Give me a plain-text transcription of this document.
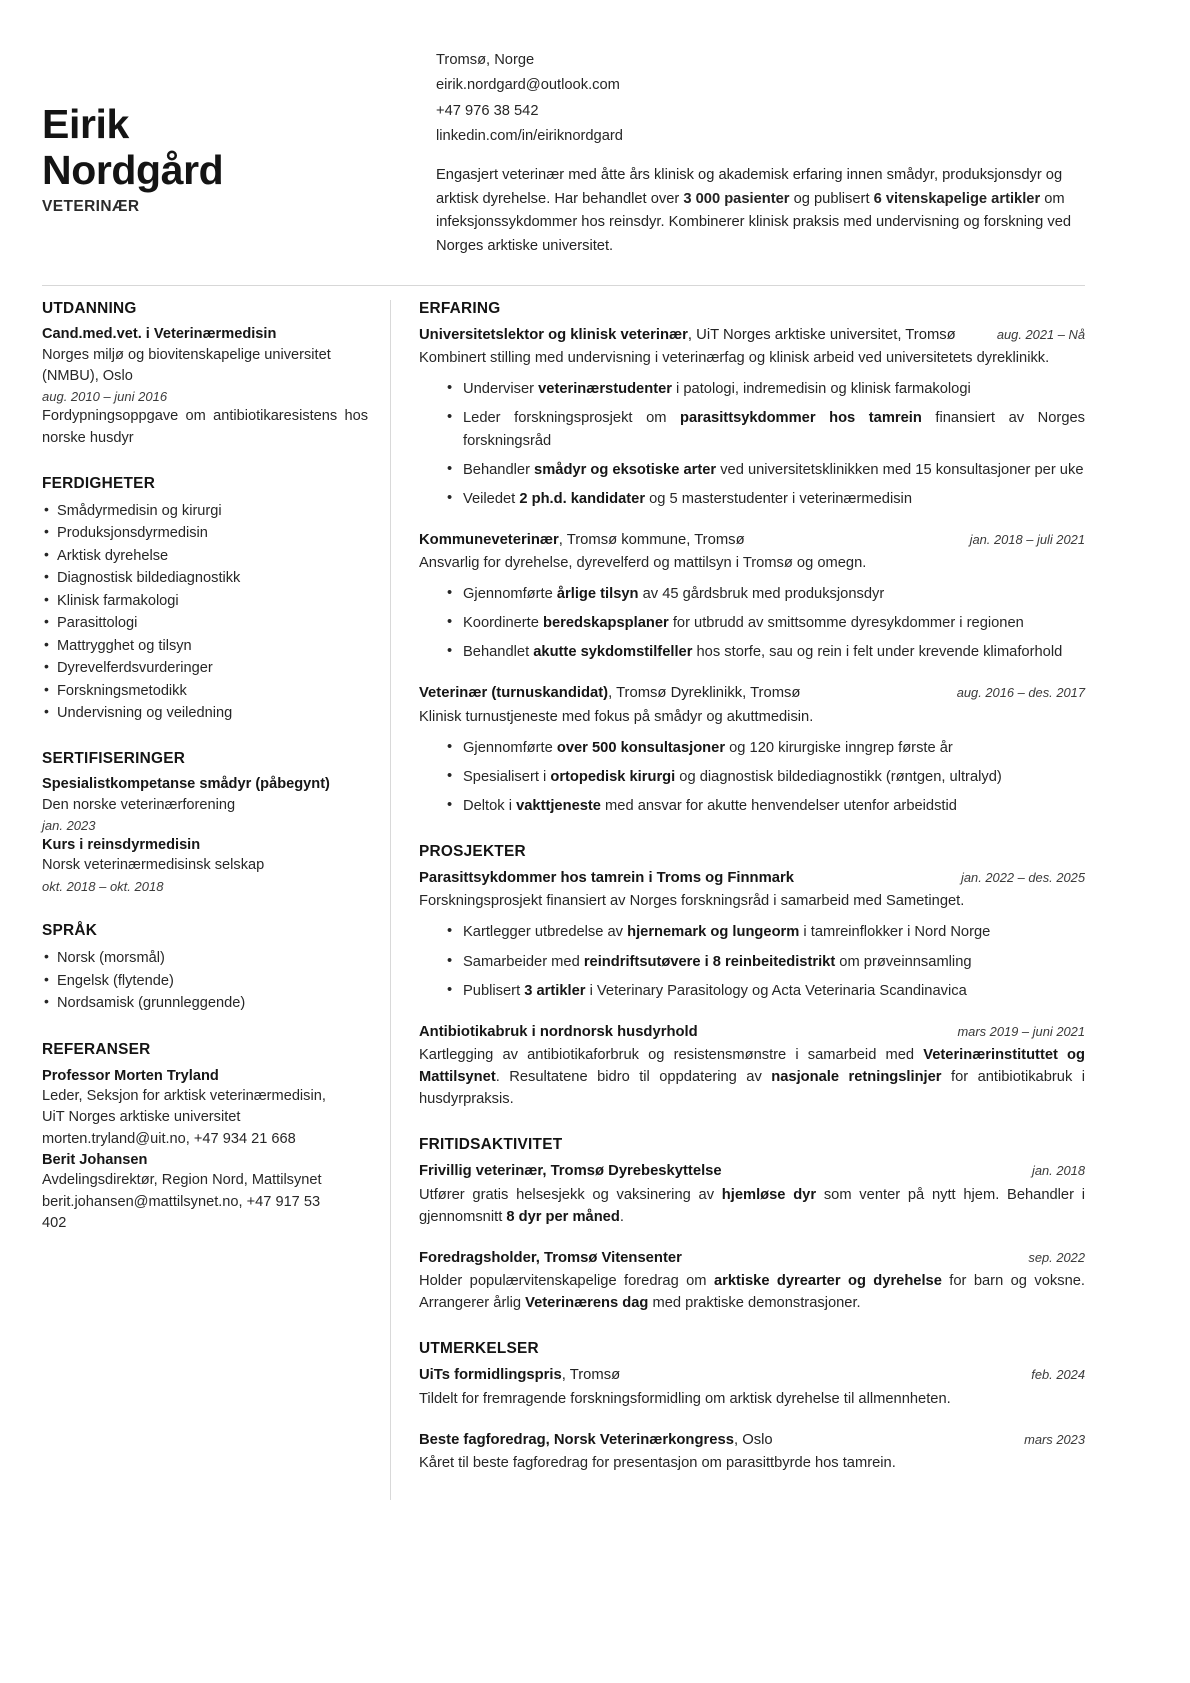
Eirik
Nordgård
VETERINÆR
Tromsø, Norge
eirik.nordgard@outlook.com
+47 976 38 542
linkedin.com/in/eiriknordgard
Engasjert veterinær med åtte års klinisk og akademisk erfaring innen smådyr, produksjonsdyr og arktisk dyrehelse. Har behandlet over 3 000 pasienter og publisert 6 vitenskapelige artikler om infeksjonssykdommer hos reinsdyr. Kombinerer klinisk praksis med undervisning og forskning ved Norges arktiske universitet.
UTDANNING
Cand.med.vet. i Veterinærmedisin
Norges miljø og biovitenskapelige universitet
(NMBU), Oslo
aug. 2010 – juni 2016
Fordypningsoppgave om antibiotikaresistens hos norske husdyr
FERDIGHETER
• Smådyrmedisin og kirurgi
• Produksjonsdyrmedisin
• Arktisk dyrehelse
• Diagnostisk bildediagnostikk
• Klinisk farmakologi
• Parasittologi
• Mattrygghet og tilsyn
• Dyrevelferdsvurderinger
• Forskningsmetodikk
• Undervisning og veiledning
SERTIFISERINGER
Spesialistkompetanse smådyr (påbegynt)
Den norske veterinærforening
jan. 2023
Kurs i reinsdyrmedisin
Norsk veterinærmedisinsk selskap
okt. 2018 – okt. 2018
SPRÅK
• Norsk (morsmål)
• Engelsk (flytende)
• Nordsamisk (grunnleggende)
REFERANSER
Professor Morten Tryland
Leder, Seksjon for arktisk veterinærmedisin,
UiT Norges arktiske universitet
morten.tryland@uit.no, +47 934 21 668
Berit Johansen
Avdelingsdirektør, Region Nord, Mattilsynet
berit.johansen@mattilsynet.no, +47 917 53
402
ERFARING
Universitetslektor og klinisk veterinær, UiT Norges arktiske universitet, Tromsø	aug. 2021 – Nå
Kombinert stilling med undervisning i veterinærfag og klinisk arbeid ved universitetets dyreklinikk.
• Underviser veterinærstudenter i patologi, indremedisin og klinisk farmakologi
• Leder forskningsprosjekt om parasittsykdommer hos tamrein finansiert av Norges forskningsråd
• Behandler smådyr og eksotiske arter ved universitetsklinikken med 15 konsultasjoner per uke
• Veiledet 2 ph.d. kandidater og 5 masterstudenter i veterinærmedisin
Kommuneveterinær, Tromsø kommune, Tromsø	jan. 2018 – juli 2021
Ansvarlig for dyrehelse, dyrevelferd og mattilsyn i Tromsø og omegn.
• Gjennomførte årlige tilsyn av 45 gårdsbruk med produksjonsdyr
• Koordinerte beredskapsplaner for utbrudd av smittsomme dyresykdommer i regionen
• Behandlet akutte sykdomstilfeller hos storfe, sau og rein i felt under krevende klimaforhold
Veterinær (turnuskandidat), Tromsø Dyreklinikk, Tromsø	aug. 2016 – des. 2017
Klinisk turnustjeneste med fokus på smådyr og akuttmedisin.
• Gjennomførte over 500 konsultasjoner og 120 kirurgiske inngrep første år
• Spesialisert i ortopedisk kirurgi og diagnostisk bildediagnostikk (røntgen, ultralyd)
• Deltok i vakttjeneste med ansvar for akutte henvendelser utenfor arbeidstid
PROSJEKTER
Parasittsykdommer hos tamrein i Troms og Finnmark	jan. 2022 – des. 2025
Forskningsprosjekt finansiert av Norges forskningsråd i samarbeid med Sametinget.
• Kartlegger utbredelse av hjernemark og lungeorm i tamreinflokker i Nord Norge
• Samarbeider med reindriftsutøvere i 8 reinbeitedistrikt om prøveinnsamling
• Publisert 3 artikler i Veterinary Parasitology og Acta Veterinaria Scandinavica
Antibiotikabruk i nordnorsk husdyrhold	mars 2019 – juni 2021
Kartlegging av antibiotikaforbruk og resistensmønstre i samarbeid med Veterinærinstituttet og Mattilsynet. Resultatene bidro til oppdatering av nasjonale retningslinjer for antibiotikabruk i husdyrpraksis.
FRITIDSAKTIVITET
Frivillig veterinær, Tromsø Dyrebeskyttelse	jan. 2018
Utfører gratis helsesjekk og vaksinering av hjemløse dyr som venter på nytt hjem. Behandler i gjennomsnitt 8 dyr per måned.
Foredragsholder, Tromsø Vitensenter	sep. 2022
Holder populærvitenskapelige foredrag om arktiske dyrearter og dyrehelse for barn og voksne. Arrangerer årlig Veterinærens dag med praktiske demonstrasjoner.
UTMERKELSER
UiTs formidlingspris, Tromsø	feb. 2024
Tildelt for fremragende forskningsformidling om arktisk dyrehelse til allmennheten.
Beste fagforedrag, Norsk Veterinærkongress, Oslo	mars 2023
Kåret til beste fagforedrag for presentasjon om parasittbyrde hos tamrein.
